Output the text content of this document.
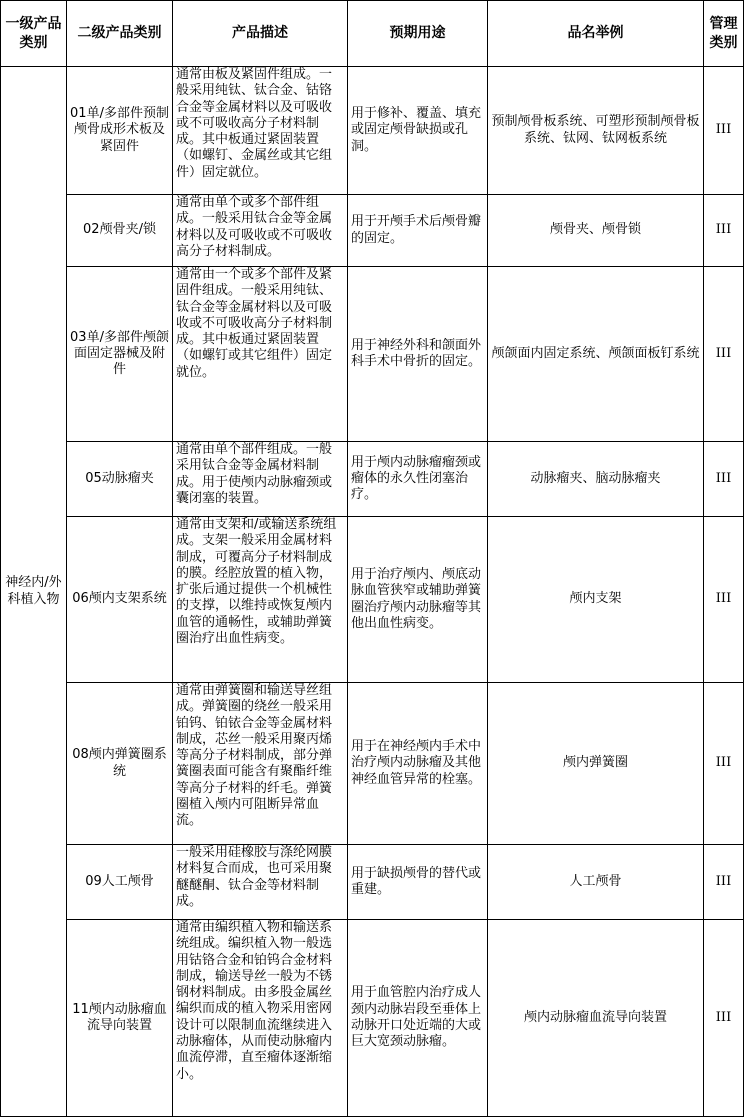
一级产品类别	二级产品类别	产品描述	预期用途	品名举例	管理类别
神经内/外科植入物	01单/多部件预制颅骨成形术板及紧固件	通常由板及紧固件组成。一般采用纯钛、钛合金、钴铬合金等金属材料以及可吸收或不可吸收高分子材料制成。其中板通过紧固装置（如螺钉、金属丝或其它组件）固定就位。	用于修补、覆盖、填充或固定颅骨缺损或孔洞。	预制颅骨板系统、可塑形预制颅骨板系统、钛网、钛网板系统	III
	02颅骨夹/锁	通常由单个或多个部件组成。一般采用钛合金等金属材料以及可吸收或不可吸收高分子材料制成。	用于开颅手术后颅骨瓣的固定。	颅骨夹、颅骨锁	III
	03单/多部件颅颌面固定器械及附件	通常由一个或多个部件及紧固件组成。一般采用纯钛、钛合金等金属材料以及可吸收或不可吸收高分子材料制成。其中板通过紧固装置（如螺钉或其它组件）固定就位。	用于神经外科和颌面外科手术中骨折的固定。	颅颌面内固定系统、颅颌面板钉系统	III
	05动脉瘤夹	通常由单个部件组成。一般采用钛合金等金属材料制成。用于使颅内动脉瘤颈或囊闭塞的装置。	用于颅内动脉瘤瘤颈或瘤体的永久性闭塞治疗。	动脉瘤夹、脑动脉瘤夹	III
	06颅内支架系统	通常由支架和/或输送系统组成。支架一般采用金属材料制成，可覆高分子材料制成的膜。经腔放置的植入物，扩张后通过提供一个机械性的支撑，以维持或恢复颅内血管的通畅性，或辅助弹簧圈治疗出血性病变。	用于治疗颅内、颅底动脉血管狭窄或辅助弹簧圈治疗颅内动脉瘤等其他出血性病变。	颅内支架	III
	08颅内弹簧圈系统	通常由弹簧圈和输送导丝组成。弹簧圈的绕丝一般采用铂钨、铂铱合金等金属材料制成，芯丝一般采用聚丙烯等高分子材料制成，部分弹簧圈表面可能含有聚酯纤维等高分子材料的纤毛。弹簧圈植入颅内可阻断异常血流。	用于在神经颅内手术中治疗颅内动脉瘤及其他神经血管异常的栓塞。	颅内弹簧圈	III
	09人工颅骨	一般采用硅橡胶与涤纶网膜材料复合而成，也可采用聚醚醚酮、钛合金等材料制成。	用于缺损颅骨的替代或重建。	人工颅骨	III
	11颅内动脉瘤血流导向装置	通常由编织植入物和输送系统组成。编织植入物一般选用钴铬合金和铂钨合金材料制成，输送导丝一般为不锈钢材料制成。由多股金属丝编织而成的植入物采用密网设计可以限制血流继续进入动脉瘤体，从而使动脉瘤内血流停滞，直至瘤体逐渐缩小。	用于血管腔内治疗成人颈内动脉岩段至垂体上动脉开口处近端的大或巨大宽颈动脉瘤。	颅内动脉瘤血流导向装置	III
